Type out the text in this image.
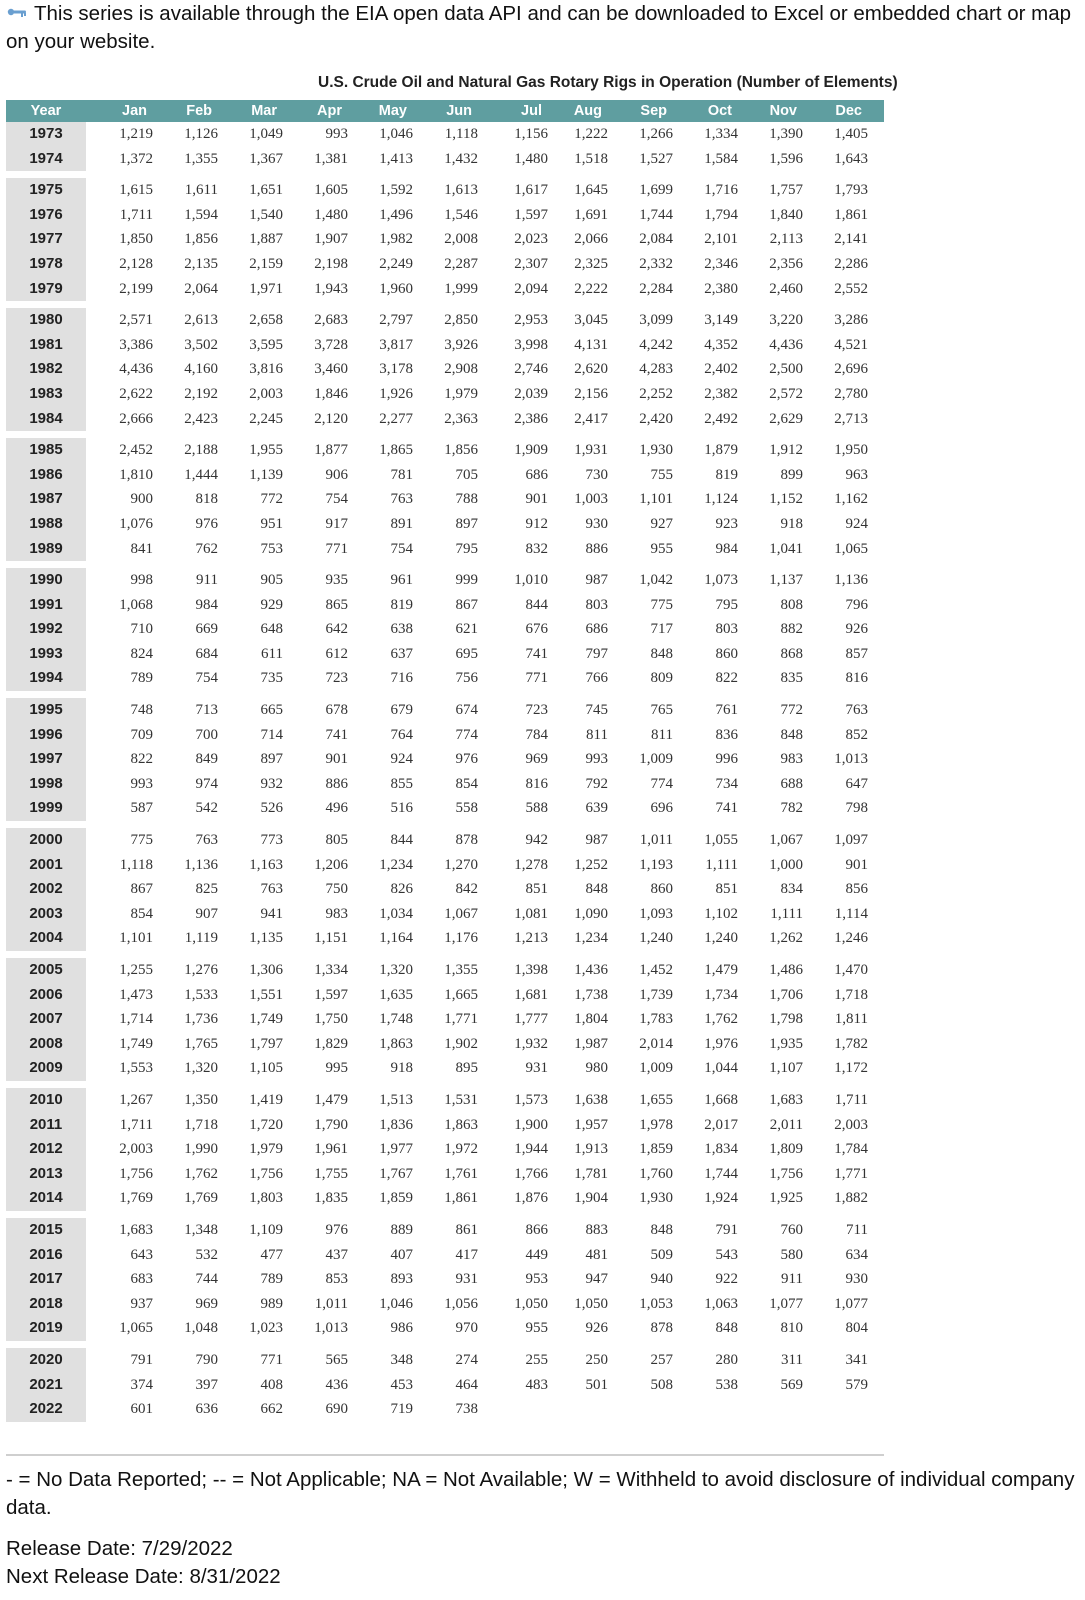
This series is available through the EIA open data API and can be downloaded to Excel or embedded chart or map on your website.
U.S. Crude Oil and Natural Gas Rotary Rigs in Operation (Number of Elements)
Year	Jan	Feb	Mar	Apr	May	Jun	Jul	Aug	Sep	Oct	Nov	Dec
1973	1,219	1,126	1,049	993	1,046	1,118	1,156	1,222	1,266	1,334	1,390	1,405
1974	1,372	1,355	1,367	1,381	1,413	1,432	1,480	1,518	1,527	1,584	1,596	1,643
1975	1,615	1,611	1,651	1,605	1,592	1,613	1,617	1,645	1,699	1,716	1,757	1,793
1976	1,711	1,594	1,540	1,480	1,496	1,546	1,597	1,691	1,744	1,794	1,840	1,861
1977	1,850	1,856	1,887	1,907	1,982	2,008	2,023	2,066	2,084	2,101	2,113	2,141
1978	2,128	2,135	2,159	2,198	2,249	2,287	2,307	2,325	2,332	2,346	2,356	2,286
1979	2,199	2,064	1,971	1,943	1,960	1,999	2,094	2,222	2,284	2,380	2,460	2,552
1980	2,571	2,613	2,658	2,683	2,797	2,850	2,953	3,045	3,099	3,149	3,220	3,286
1981	3,386	3,502	3,595	3,728	3,817	3,926	3,998	4,131	4,242	4,352	4,436	4,521
1982	4,436	4,160	3,816	3,460	3,178	2,908	2,746	2,620	4,283	2,402	2,500	2,696
1983	2,622	2,192	2,003	1,846	1,926	1,979	2,039	2,156	2,252	2,382	2,572	2,780
1984	2,666	2,423	2,245	2,120	2,277	2,363	2,386	2,417	2,420	2,492	2,629	2,713
1985	2,452	2,188	1,955	1,877	1,865	1,856	1,909	1,931	1,930	1,879	1,912	1,950
1986	1,810	1,444	1,139	906	781	705	686	730	755	819	899	963
1987	900	818	772	754	763	788	901	1,003	1,101	1,124	1,152	1,162
1988	1,076	976	951	917	891	897	912	930	927	923	918	924
1989	841	762	753	771	754	795	832	886	955	984	1,041	1,065
1990	998	911	905	935	961	999	1,010	987	1,042	1,073	1,137	1,136
1991	1,068	984	929	865	819	867	844	803	775	795	808	796
1992	710	669	648	642	638	621	676	686	717	803	882	926
1993	824	684	611	612	637	695	741	797	848	860	868	857
1994	789	754	735	723	716	756	771	766	809	822	835	816
1995	748	713	665	678	679	674	723	745	765	761	772	763
1996	709	700	714	741	764	774	784	811	811	836	848	852
1997	822	849	897	901	924	976	969	993	1,009	996	983	1,013
1998	993	974	932	886	855	854	816	792	774	734	688	647
1999	587	542	526	496	516	558	588	639	696	741	782	798
2000	775	763	773	805	844	878	942	987	1,011	1,055	1,067	1,097
2001	1,118	1,136	1,163	1,206	1,234	1,270	1,278	1,252	1,193	1,111	1,000	901
2002	867	825	763	750	826	842	851	848	860	851	834	856
2003	854	907	941	983	1,034	1,067	1,081	1,090	1,093	1,102	1,111	1,114
2004	1,101	1,119	1,135	1,151	1,164	1,176	1,213	1,234	1,240	1,240	1,262	1,246
2005	1,255	1,276	1,306	1,334	1,320	1,355	1,398	1,436	1,452	1,479	1,486	1,470
2006	1,473	1,533	1,551	1,597	1,635	1,665	1,681	1,738	1,739	1,734	1,706	1,718
2007	1,714	1,736	1,749	1,750	1,748	1,771	1,777	1,804	1,783	1,762	1,798	1,811
2008	1,749	1,765	1,797	1,829	1,863	1,902	1,932	1,987	2,014	1,976	1,935	1,782
2009	1,553	1,320	1,105	995	918	895	931	980	1,009	1,044	1,107	1,172
2010	1,267	1,350	1,419	1,479	1,513	1,531	1,573	1,638	1,655	1,668	1,683	1,711
2011	1,711	1,718	1,720	1,790	1,836	1,863	1,900	1,957	1,978	2,017	2,011	2,003
2012	2,003	1,990	1,979	1,961	1,977	1,972	1,944	1,913	1,859	1,834	1,809	1,784
2013	1,756	1,762	1,756	1,755	1,767	1,761	1,766	1,781	1,760	1,744	1,756	1,771
2014	1,769	1,769	1,803	1,835	1,859	1,861	1,876	1,904	1,930	1,924	1,925	1,882
2015	1,683	1,348	1,109	976	889	861	866	883	848	791	760	711
2016	643	532	477	437	407	417	449	481	509	543	580	634
2017	683	744	789	853	893	931	953	947	940	922	911	930
2018	937	969	989	1,011	1,046	1,056	1,050	1,050	1,053	1,063	1,077	1,077
2019	1,065	1,048	1,023	1,013	986	970	955	926	878	848	810	804
2020	791	790	771	565	348	274	255	250	257	280	311	341
2021	374	397	408	436	453	464	483	501	508	538	569	579
2022	601	636	662	690	719	738
- = No Data Reported; -- = Not Applicable; NA = Not Available; W = Withheld to avoid disclosure of individual company data.
Release Date: 7/29/2022
Next Release Date: 8/31/2022
